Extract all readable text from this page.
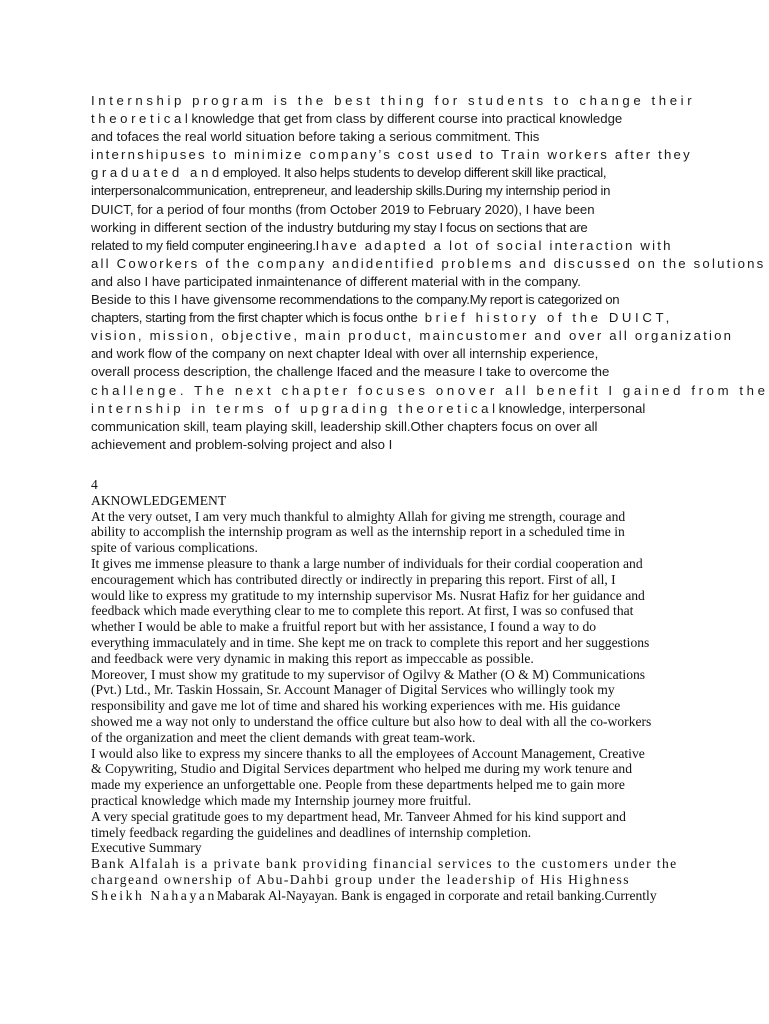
Internship program is the best thing for students to change their
theoreticalknowledge that get from class by different course into practical knowledge
and tofaces the real world situation before taking a serious commitment. This
internshipuses to minimize company’s cost used to Train workers after they
graduated andemployed. It also helps students to develop different skill like practical,
interpersonalcommunication, entrepreneur, and leadership skills.During my internship period in
DUICT, for a period of four months (from October 2019 to February 2020), I have been
working in different section of the industry butduring my stay I focus on sections that are
related to my field computer engineering.Ihave adapted a lot of social interaction with
all Coworkers of the company andidentified problems and discussed on the solutions
and also I have participated inmaintenance of different material with in the company.
Beside to this I have givensome recommendations to the company.My report is categorized on
chapters, starting from the first chapter which is focus onthe brief history of the DUICT,
vision, mission, objective, main product, maincustomer and over all organization
and work flow of the company on next chapter Ideal with over all internship experience,
overall process description, the challenge Ifaced and the measure I take to overcome the
challenge. The next chapter focuses onover all benefit I gained from the
internship in terms of upgrading theoreticalknowledge, interpersonal
communication skill, team playing skill, leadership skill.Other chapters focus on over all
achievement and problem-solving project and also I
4
AKNOWLEDGEMENT
At the very outset, I am very much thankful to almighty Allah for giving me strength, courage and
ability to accomplish the internship program as well as the internship report in a scheduled time in
spite of various complications.
It gives me immense pleasure to thank a large number of individuals for their cordial cooperation and
encouragement which has contributed directly or indirectly in preparing this report. First of all, I
would like to express my gratitude to my internship supervisor Ms. Nusrat Hafiz for her guidance and
feedback which made everything clear to me to complete this report. At first, I was so confused that
whether I would be able to make a fruitful report but with her assistance, I found a way to do
everything immaculately and in time. She kept me on track to complete this report and her suggestions
and feedback were very dynamic in making this report as impeccable as possible.
Moreover, I must show my gratitude to my supervisor of Ogilvy & Mather (O & M) Communications
(Pvt.) Ltd., Mr. Taskin Hossain, Sr. Account Manager of Digital Services who willingly took my
responsibility and gave me lot of time and shared his working experiences with me. His guidance
showed me a way not only to understand the office culture but also how to deal with all the co-workers
of the organization and meet the client demands with great team-work.
I would also like to express my sincere thanks to all the employees of Account Management, Creative
& Copywriting, Studio and Digital Services department who helped me during my work tenure and
made my experience an unforgettable one. People from these departments helped me to gain more
practical knowledge which made my Internship journey more fruitful.
A very special gratitude goes to my department head, Mr. Tanveer Ahmed for his kind support and
timely feedback regarding the guidelines and deadlines of internship completion.
Executive Summary
Bank Alfalah is a private bank providing financial services to the customers under the
chargeand ownership of Abu-Dahbi group under the leadership of His Highness
Sheikh NahayanMabarak Al-Nayayan. Bank is engaged in corporate and retail banking.Currently
